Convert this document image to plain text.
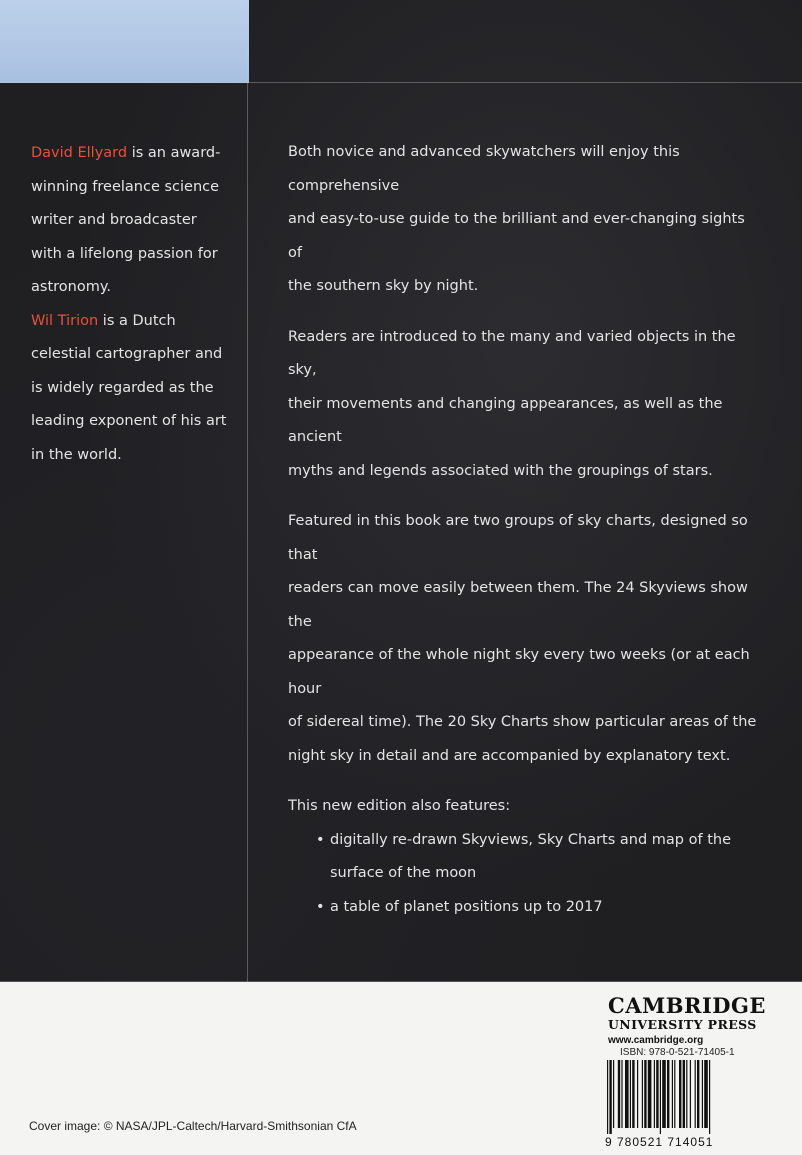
David Ellyard is an award-
winning freelance science
writer and broadcaster
with a lifelong passion for
astronomy.

Wil Tirion is a Dutch
celestial cartographer and
is widely regarded as the
leading exponent of his art
in the world.

Both novice and advanced skywatchers will enjoy this comprehensive
and easy-to-use guide to the brilliant and ever-changing sights of
the southern sky by night.

Readers are introduced to the many and varied objects in the sky,
their movements and changing appearances, as well as the ancient
myths and legends associated with the groupings of stars.

Featured in this book are two groups of sky charts, designed so that
readers can move easily between them. The 24 Skyviews show the
appearance of the whole night sky every two weeks (or at each hour
of sidereal time). The 20 Sky Charts show particular areas of the
night sky in detail and are accompanied by explanatory text.

This new edition also features:

• digitally re-drawn Skyviews, Sky Charts and map of the
surface of the moon
• a table of planet positions up to 2017
CAMBRIDGE
UNIVERSITY PRESS
www.cambridge.org
ISBN: 978-0-521-71405-1
9 780521 714051
Cover image: © NASA/JPL-Caltech/Harvard-Smithsonian CfA
